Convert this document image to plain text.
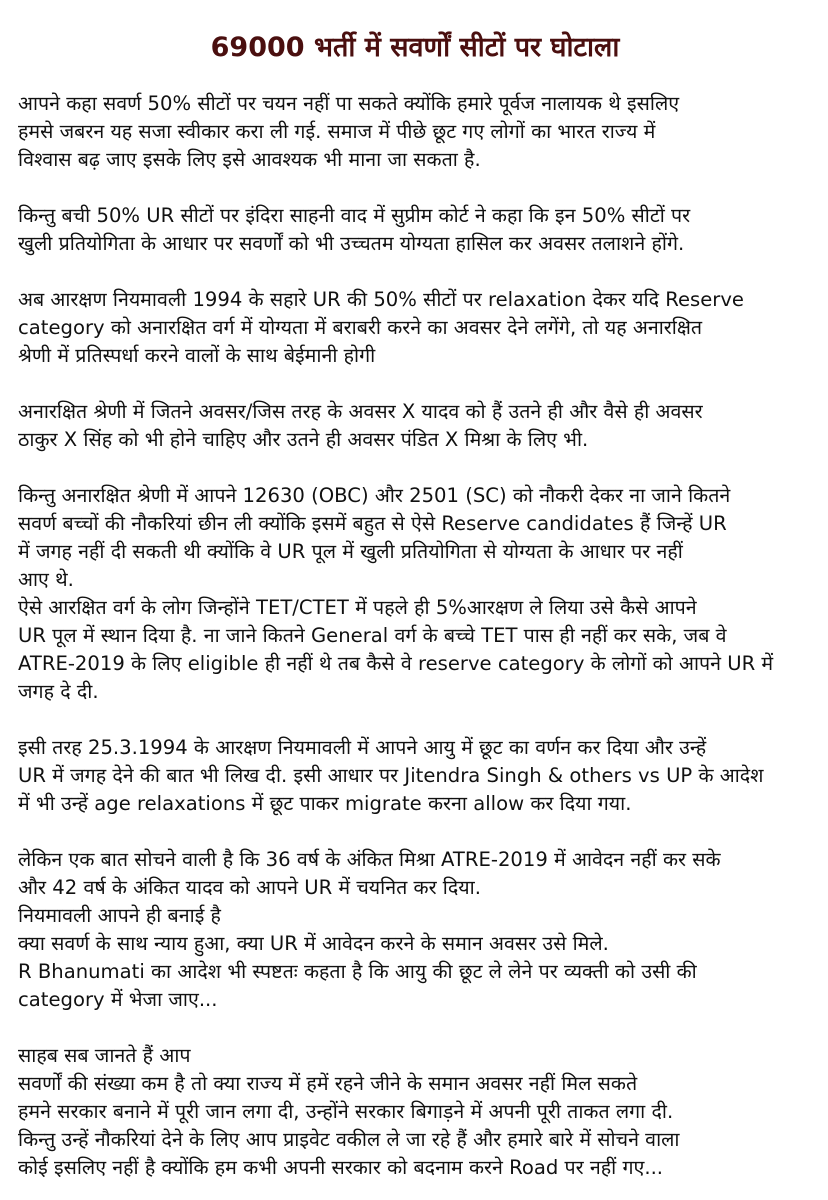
69000 भर्ती में सवर्णों सीटों पर घोटाला
आपने कहा सवर्ण 50% सीटों पर चयन नहीं पा सकते क्योंकि हमारे पूर्वज नालायक थे इसलिए
हमसे जबरन यह सजा स्वीकार करा ली गई. समाज में पीछे छूट गए लोगों का भारत राज्य में
विश्वास बढ़ जाए इसके लिए इसे आवश्यक भी माना जा सकता है.
किन्तु बची 50% UR सीटों पर इंदिरा साहनी वाद में सुप्रीम कोर्ट ने कहा कि इन 50% सीटों पर
खुली प्रतियोगिता के आधार पर सवर्णों को भी उच्चतम योग्यता हासिल कर अवसर तलाशने होंगे.
अब आरक्षण नियमावली 1994 के सहारे UR की 50% सीटों पर relaxation देकर यदि Reserve
category को अनारक्षित वर्ग में योग्यता में बराबरी करने का अवसर देने लगेंगे, तो यह अनारक्षित
श्रेणी में प्रतिस्पर्धा करने वालों के साथ बेईमानी होगी
अनारक्षित श्रेणी में जितने अवसर/जिस तरह के अवसर X यादव को हैं उतने ही और वैसे ही अवसर
ठाकुर X सिंह को भी होने चाहिए और उतने ही अवसर पंडित X मिश्रा के लिए भी.
किन्तु अनारक्षित श्रेणी में आपने 12630 (OBC) और 2501 (SC) को नौकरी देकर ना जाने कितने
सवर्ण बच्चों की नौकरियां छीन ली क्योंकि इसमें बहुत से ऐसे Reserve candidates हैं जिन्हें UR
में जगह नहीं दी सकती थी क्योंकि वे UR पूल में खुली प्रतियोगिता से योग्यता के आधार पर नहीं
आए थे.
ऐसे आरक्षित वर्ग के लोग जिन्होंने TET/CTET में पहले ही 5%आरक्षण ले लिया उसे कैसे आपने
UR पूल में स्थान दिया है. ना जाने कितने General वर्ग के बच्चे TET पास ही नहीं कर सके, जब वे
ATRE-2019 के लिए eligible ही नहीं थे तब कैसे वे reserve category के लोगों को आपने UR में
जगह दे दी.
इसी तरह 25.3.1994 के आरक्षण नियमावली में आपने आयु में छूट का वर्णन कर दिया और उन्हें
UR में जगह देने की बात भी लिख दी. इसी आधार पर Jitendra Singh & others vs UP के आदेश
में भी उन्हें age relaxations में छूट पाकर migrate करना allow कर दिया गया.
लेकिन एक बात सोचने वाली है कि 36 वर्ष के अंकित मिश्रा ATRE-2019 में आवेदन नहीं कर सके
और 42 वर्ष के अंकित यादव को आपने UR में चयनित कर दिया.
नियमावली आपने ही बनाई है
क्या सवर्ण के साथ न्याय हुआ, क्या UR में आवेदन करने के समान अवसर उसे मिले.
R Bhanumati का आदेश भी स्पष्टतः कहता है कि आयु की छूट ले लेने पर व्यक्ती को उसी की
category में भेजा जाए...
साहब सब जानते हैं आप
सवर्णों की संख्या कम है तो क्या राज्य में हमें रहने जीने के समान अवसर नहीं मिल सकते
हमने सरकार बनाने में पूरी जान लगा दी, उन्होंने सरकार बिगाड़ने में अपनी पूरी ताकत लगा दी.
किन्तु उन्हें नौकरियां देने के लिए आप प्राइवेट वकील ले जा रहे हैं और हमारे बारे में सोचने वाला
कोई इसलिए नहीं है क्योंकि हम कभी अपनी सरकार को बदनाम करने Road पर नहीं गए...
